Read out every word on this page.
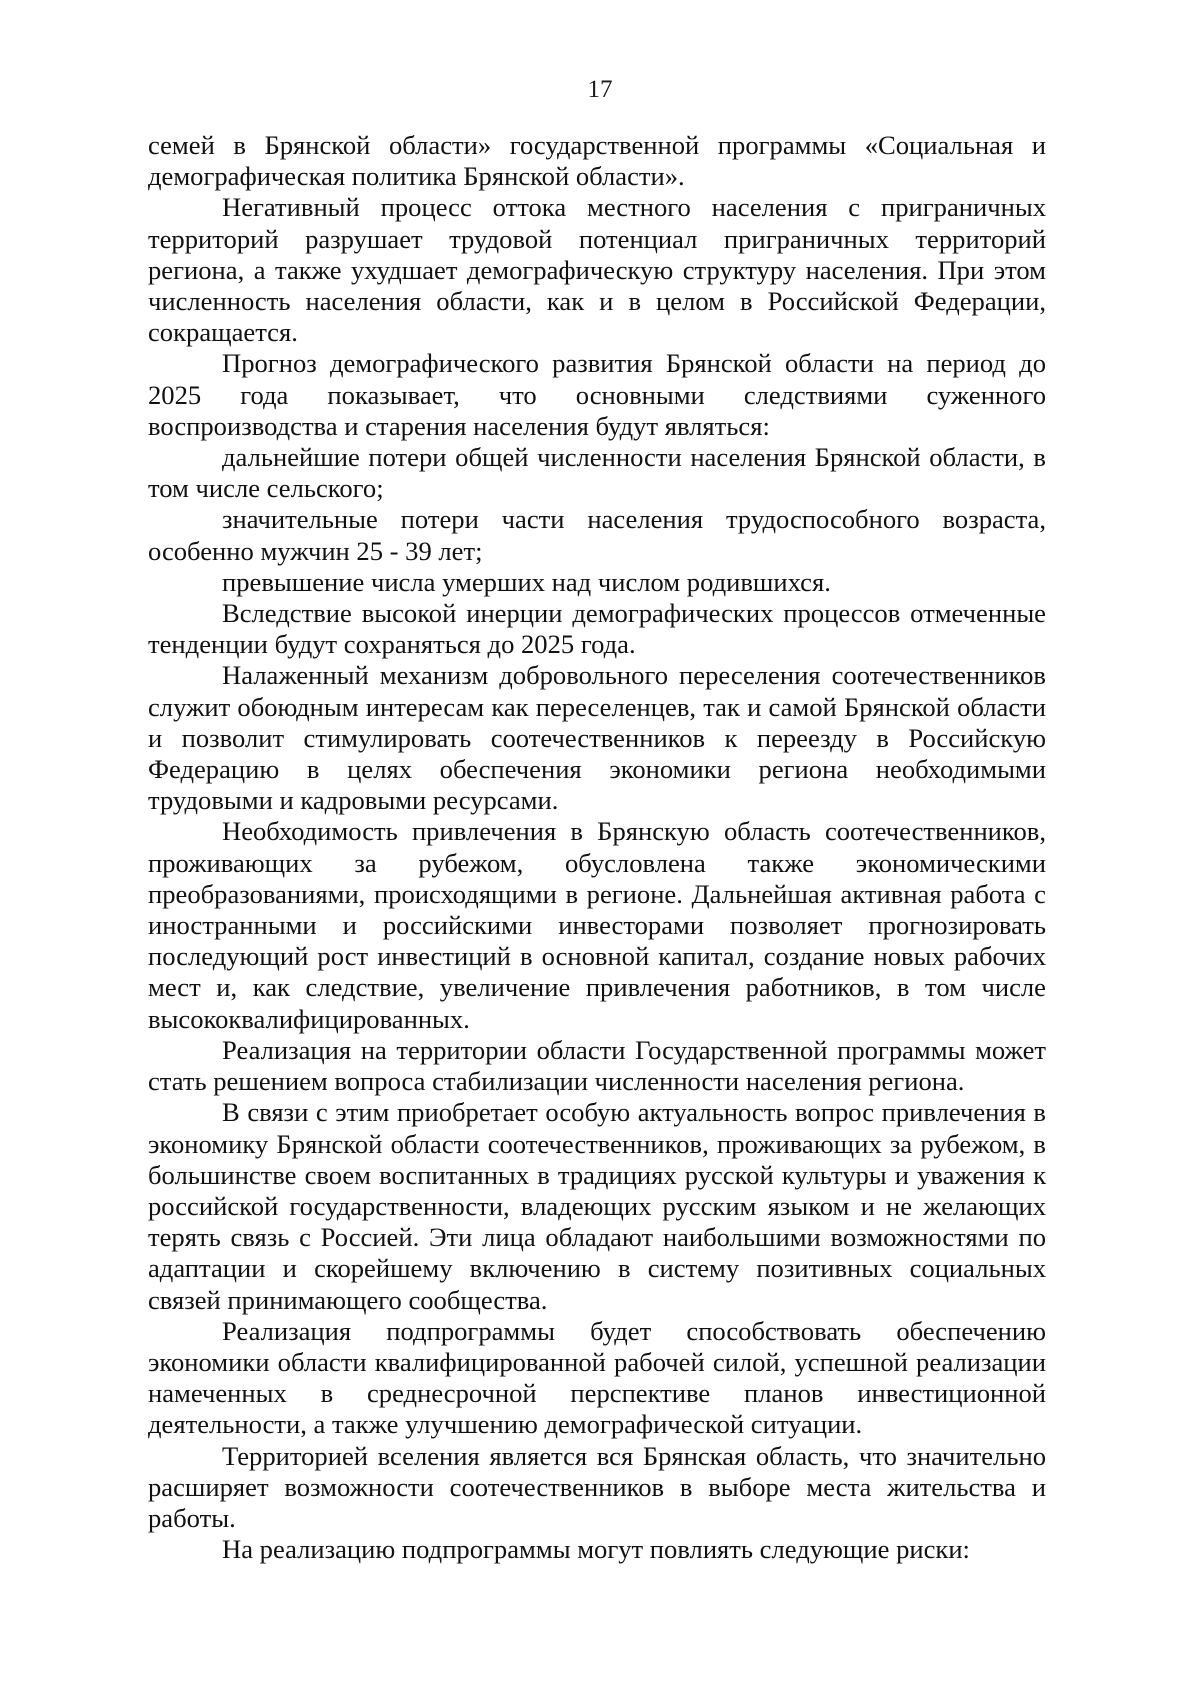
17

семей в Брянской области» государственной программы «Социальная и демографическая политика Брянской области».

Негативный процесс оттока местного населения с приграничных территорий разрушает трудовой потенциал приграничных территорий региона, а также ухудшает демографическую структуру населения. При этом численность населения области, как и в целом в Российской Федерации, сокращается.

Прогноз демографического развития Брянской области на период до 2025 года показывает, что основными следствиями суженного воспроизводства и старения населения будут являться:

дальнейшие потери общей численности населения Брянской области, в том числе сельского;

значительные потери части населения трудоспособного возраста, особенно мужчин 25 - 39 лет;

превышение числа умерших над числом родившихся.

Вследствие высокой инерции демографических процессов отмеченные тенденции будут сохраняться до 2025 года.

Налаженный механизм добровольного переселения соотечественников служит обоюдным интересам как переселенцев, так и самой Брянской области и позволит стимулировать соотечественников к переезду в Российскую Федерацию в целях обеспечения экономики региона необходимыми трудовыми и кадровыми ресурсами.

Необходимость привлечения в Брянскую область соотечественников, проживающих за рубежом, обусловлена также экономическими преобразованиями, происходящими в регионе. Дальнейшая активная работа с иностранными и российскими инвесторами позволяет прогнозировать последующий рост инвестиций в основной капитал, создание новых рабочих мест и, как следствие, увеличение привлечения работников, в том числе высококвалифицированных.

Реализация на территории области Государственной программы может стать решением вопроса стабилизации численности населения региона.

В связи с этим приобретает особую актуальность вопрос привлечения в экономику Брянской области соотечественников, проживающих за рубежом, в большинстве своем воспитанных в традициях русской культуры и уважения к российской государственности, владеющих русским языком и не желающих терять связь с Россией. Эти лица обладают наибольшими возможностями по адаптации и скорейшему включению в систему позитивных социальных связей принимающего сообщества.

Реализация подпрограммы будет способствовать обеспечению экономики области квалифицированной рабочей силой, успешной реализации намеченных в среднесрочной перспективе планов инвестиционной деятельности, а также улучшению демографической ситуации.

Территорией вселения является вся Брянская область, что значительно расширяет возможности соотечественников в выборе места жительства и работы.

На реализацию подпрограммы могут повлиять следующие риски:
